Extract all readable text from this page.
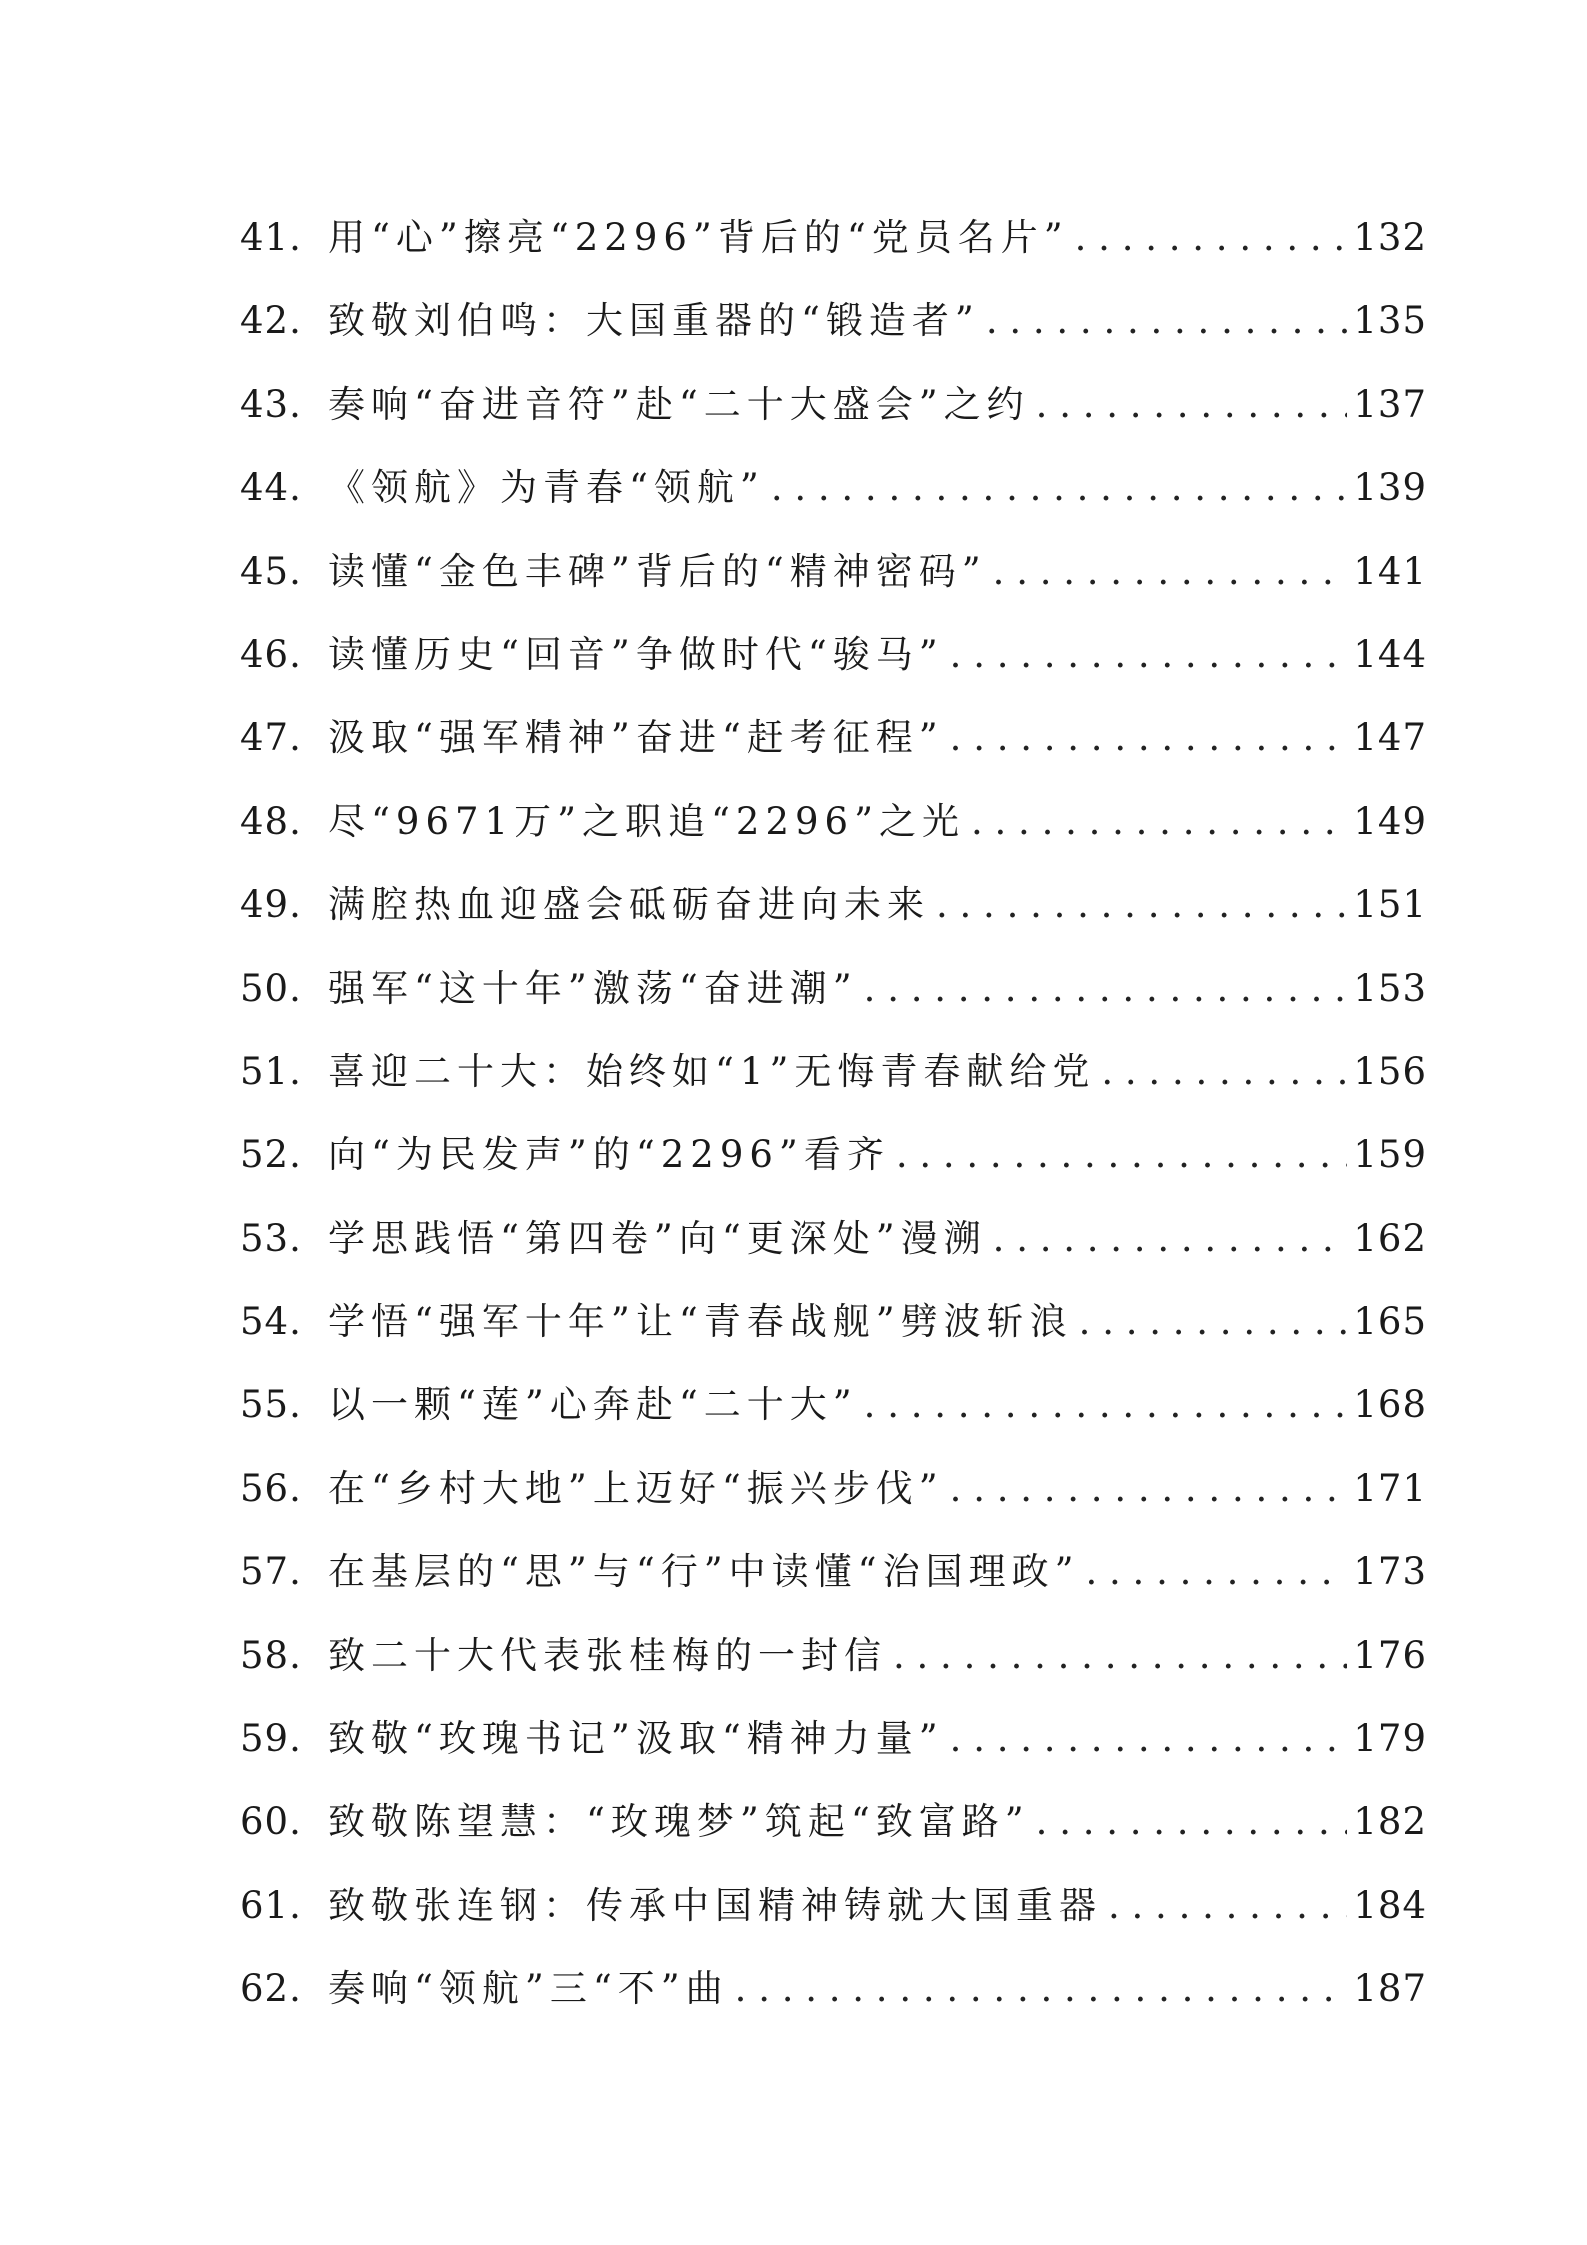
41. 用“心”擦亮“2296”背后的“党员名片” . . .	132
42. 致敬刘伯鸣：大国重器的“锻造者” . . .	135
43. 奏响“奋进音符”赴“二十大盛会”之约 . . .	137
44. 《领航》为青春“领航” . . .	139
45. 读懂“金色丰碑”背后的“精神密码” . . .	141
46. 读懂历史“回音”争做时代“骏马” . . .	144
47. 汲取“强军精神”奋进“赶考征程” . . .	147
48. 尽“9671万”之职追“2296”之光 . . .	149
49. 满腔热血迎盛会砥砺奋进向未来 . . .	151
50. 强军“这十年”激荡“奋进潮” . . .	153
51. 喜迎二十大：始终如“1”无悔青春献给党 . . .	156
52. 向“为民发声”的“2296”看齐 . . .	159
53. 学思践悟“第四卷”向“更深处”漫溯 . . .	162
54. 学悟“强军十年”让“青春战舰”劈波斩浪 . . .	165
55. 以一颗“莲”心奔赴“二十大” . . .	168
56. 在“乡村大地”上迈好“振兴步伐” . . .	171
57. 在基层的“思”与“行”中读懂“治国理政” . . .	173
58. 致二十大代表张桂梅的一封信 . . .	176
59. 致敬“玫瑰书记”汲取“精神力量” . . .	179
60. 致敬陈望慧：“玫瑰梦”筑起“致富路” . . .	182
61. 致敬张连钢：传承中国精神铸就大国重器 . . .	184
62. 奏响“领航”三“不”曲 . . .	187
